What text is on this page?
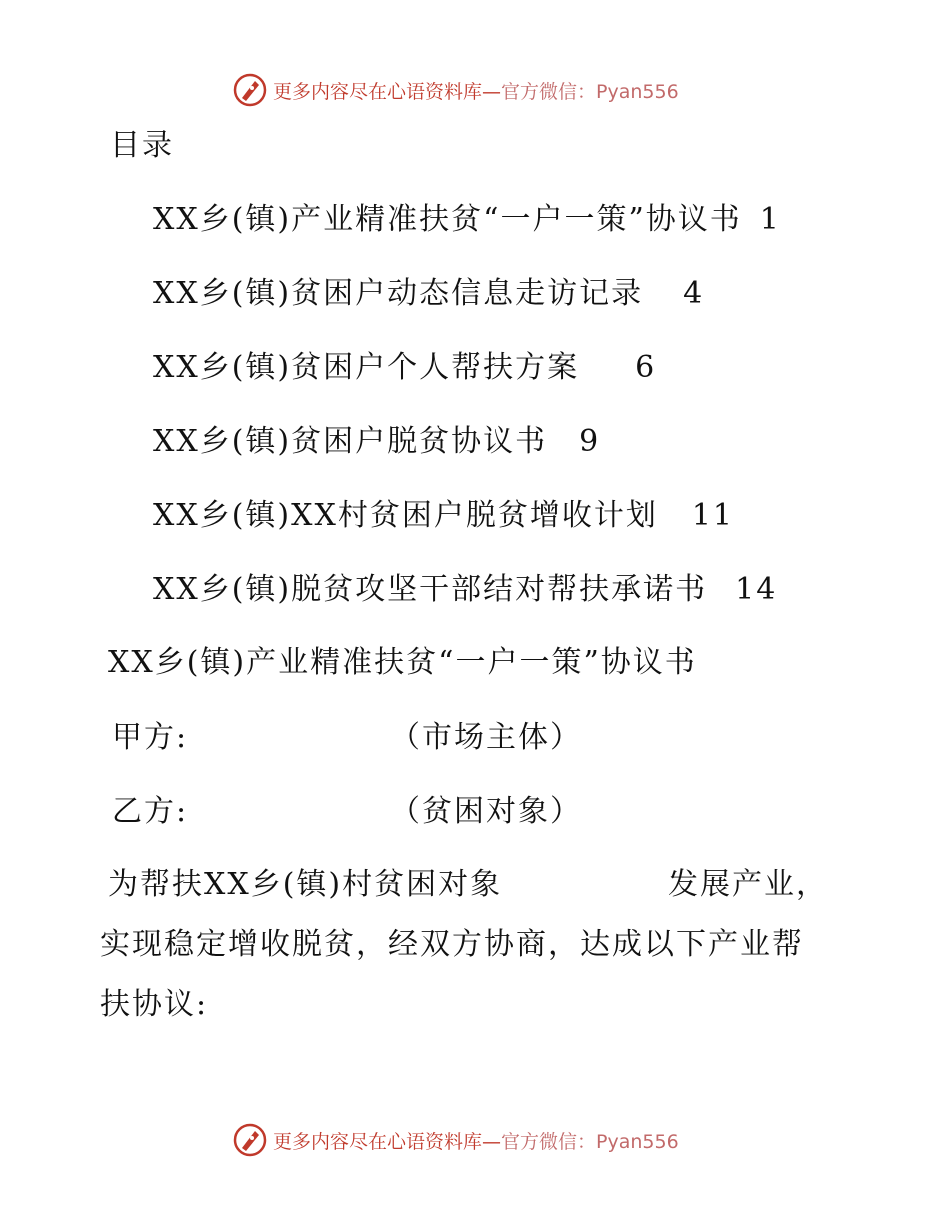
更多内容尽在心语资料库— 官方微信：Pyan556
目录
XX乡(镇)产业精准扶贫“一户一策”协议书 1
XX乡(镇)贫困户动态信息走访记录 4
XX乡(镇)贫困户个人帮扶方案 6
XX乡(镇)贫困户脱贫协议书 9
XX乡(镇)XX村贫困户脱贫增收计划 11
XX乡(镇)脱贫攻坚干部结对帮扶承诺书 14
XX乡(镇)产业精准扶贫“一户一策”协议书
甲方:	（市场主体）
乙方:	（贫困对象）
为帮扶XX乡(镇)村贫困对象	发展产业，
实现稳定增收脱贫，经双方协商，达成以下产业帮
扶协议:
更多内容尽在心语资料库— 官方微信：Pyan556
